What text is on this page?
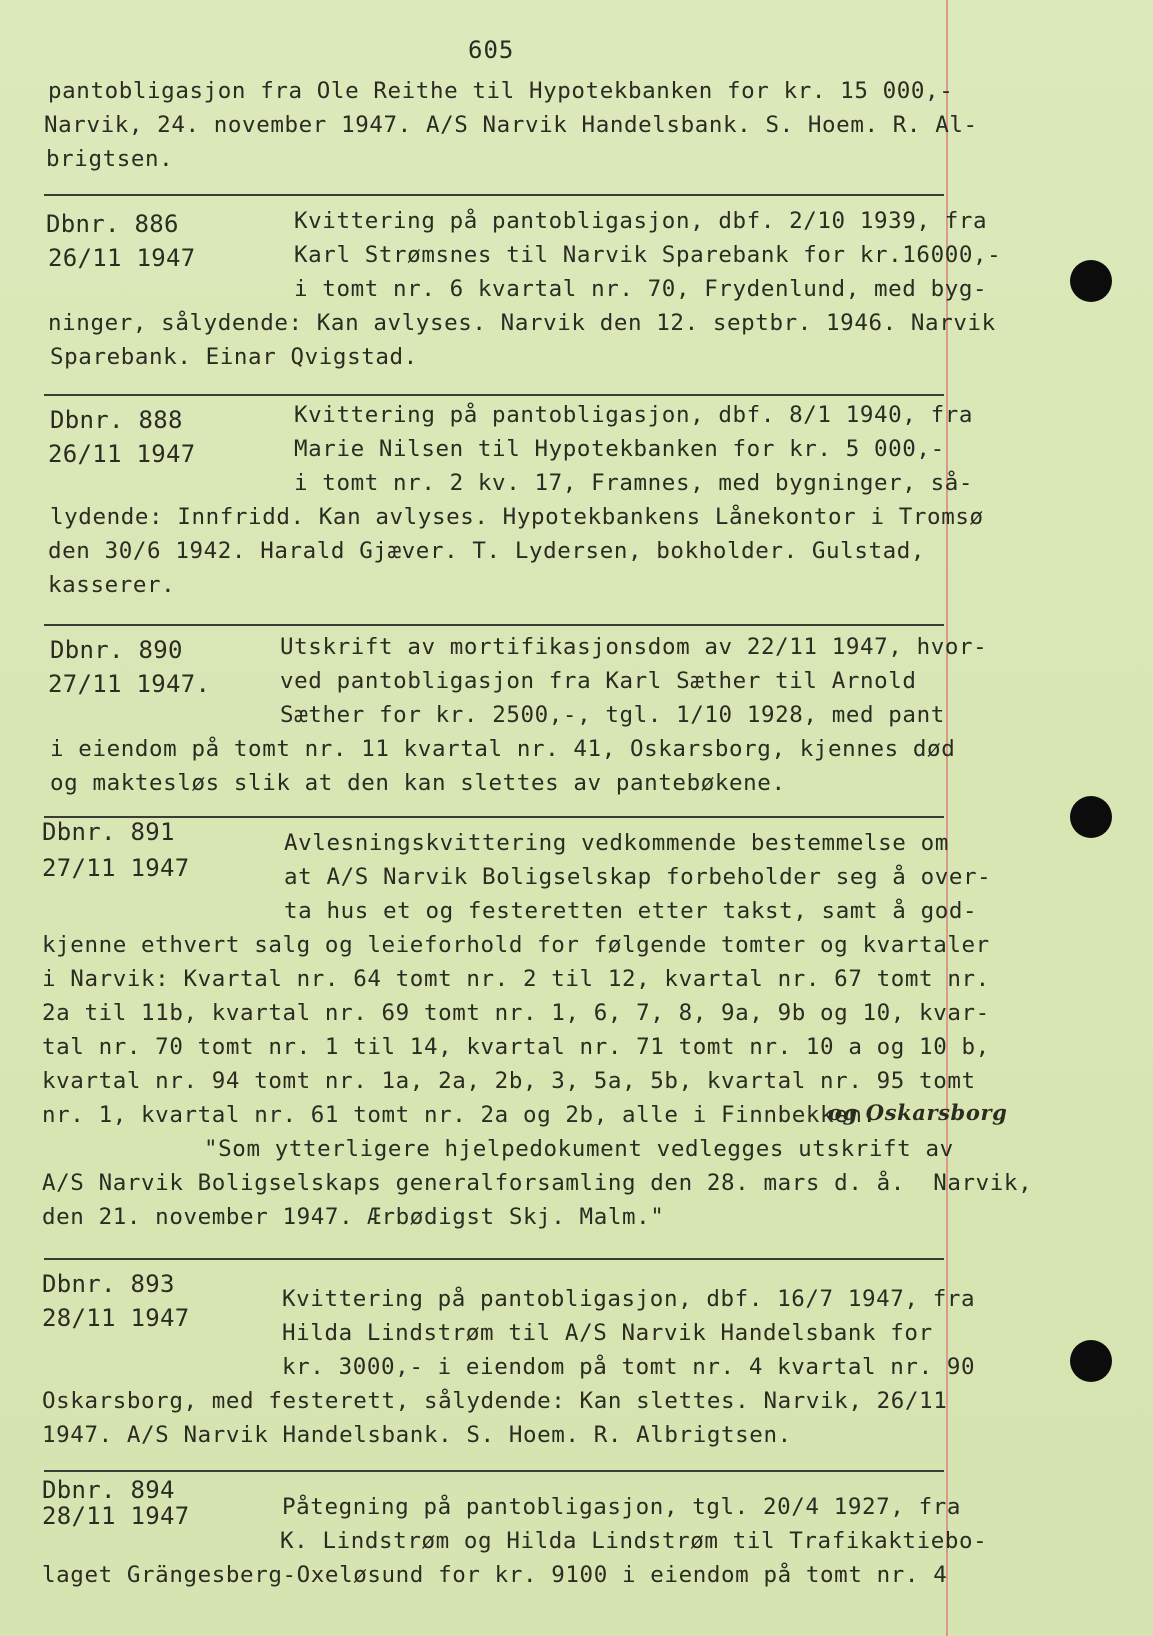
605
pantobligasjon fra Ole Reithe til Hypotekbanken for kr. 15 000,-
Narvik, 24. november 1947. A/S Narvik Handelsbank. S. Hoem. R. Al-
brigtsen.
Dbnr. 886
26/11 1947
Kvittering på pantobligasjon, dbf. 2/10 1939, fra
Karl Strømsnes til Narvik Sparebank for kr.16000,-
i tomt nr. 6 kvartal nr. 70, Frydenlund, med byg-
ninger, sålydende: Kan avlyses. Narvik den 12. septbr. 1946. Narvik
Sparebank. Einar Qvigstad.
Dbnr. 888
26/11 1947
Kvittering på pantobligasjon, dbf. 8/1 1940, fra
Marie Nilsen til Hypotekbanken for kr. 5 000,-
i tomt nr. 2 kv. 17, Framnes, med bygninger, så-
lydende: Innfridd. Kan avlyses. Hypotekbankens Lånekontor i Tromsø
den 30/6 1942. Harald Gjæver. T. Lydersen, bokholder. Gulstad,
kasserer.
Dbnr. 890
27/11 1947.
Utskrift av mortifikasjonsdom av 22/11 1947, hvor-
ved pantobligasjon fra Karl Sæther til Arnold
Sæther for kr. 2500,-, tgl. 1/10 1928, med pant
i eiendom på tomt nr. 11 kvartal nr. 41, Oskarsborg, kjennes død
og maktesløs slik at den kan slettes av pantebøkene.
Dbnr. 891
27/11 1947
Avlesningskvittering vedkommende bestemmelse om
at A/S Narvik Boligselskap forbeholder seg å over-
ta hus et og festeretten etter takst, samt å god-
kjenne ethvert salg og leieforhold for følgende tomter og kvartaler
i Narvik: Kvartal nr. 64 tomt nr. 2 til 12, kvartal nr. 67 tomt nr.
2a til 11b, kvartal nr. 69 tomt nr. 1, 6, 7, 8, 9a, 9b og 10, kvar-
tal nr. 70 tomt nr. 1 til 14, kvartal nr. 71 tomt nr. 10 a og 10 b,
kvartal nr. 94 tomt nr. 1a, 2a, 2b, 3, 5a, 5b, kvartal nr. 95 tomt
nr. 1, kvartal nr. 61 tomt nr. 2a og 2b, alle i Finnbekken.
og Oskarsborg
"Som ytterligere hjelpedokument vedlegges utskrift av
A/S Narvik Boligselskaps generalforsamling den 28. mars d. å.  Narvik,
den 21. november 1947. Ærbødigst Skj. Malm."
Dbnr. 893
28/11 1947
Kvittering på pantobligasjon, dbf. 16/7 1947, fra
Hilda Lindstrøm til A/S Narvik Handelsbank for
kr. 3000,- i eiendom på tomt nr. 4 kvartal nr. 90
Oskarsborg, med festerett, sålydende: Kan slettes. Narvik, 26/11
1947. A/S Narvik Handelsbank. S. Hoem. R. Albrigtsen.
Dbnr. 894
28/11 1947	Påtegning på pantobligasjon, tgl. 20/4 1927, fra
K. Lindstrøm og Hilda Lindstrøm til Trafikaktiebo-
laget Grängesberg-Oxeløsund for kr. 9100 i eiendom på tomt nr. 4
